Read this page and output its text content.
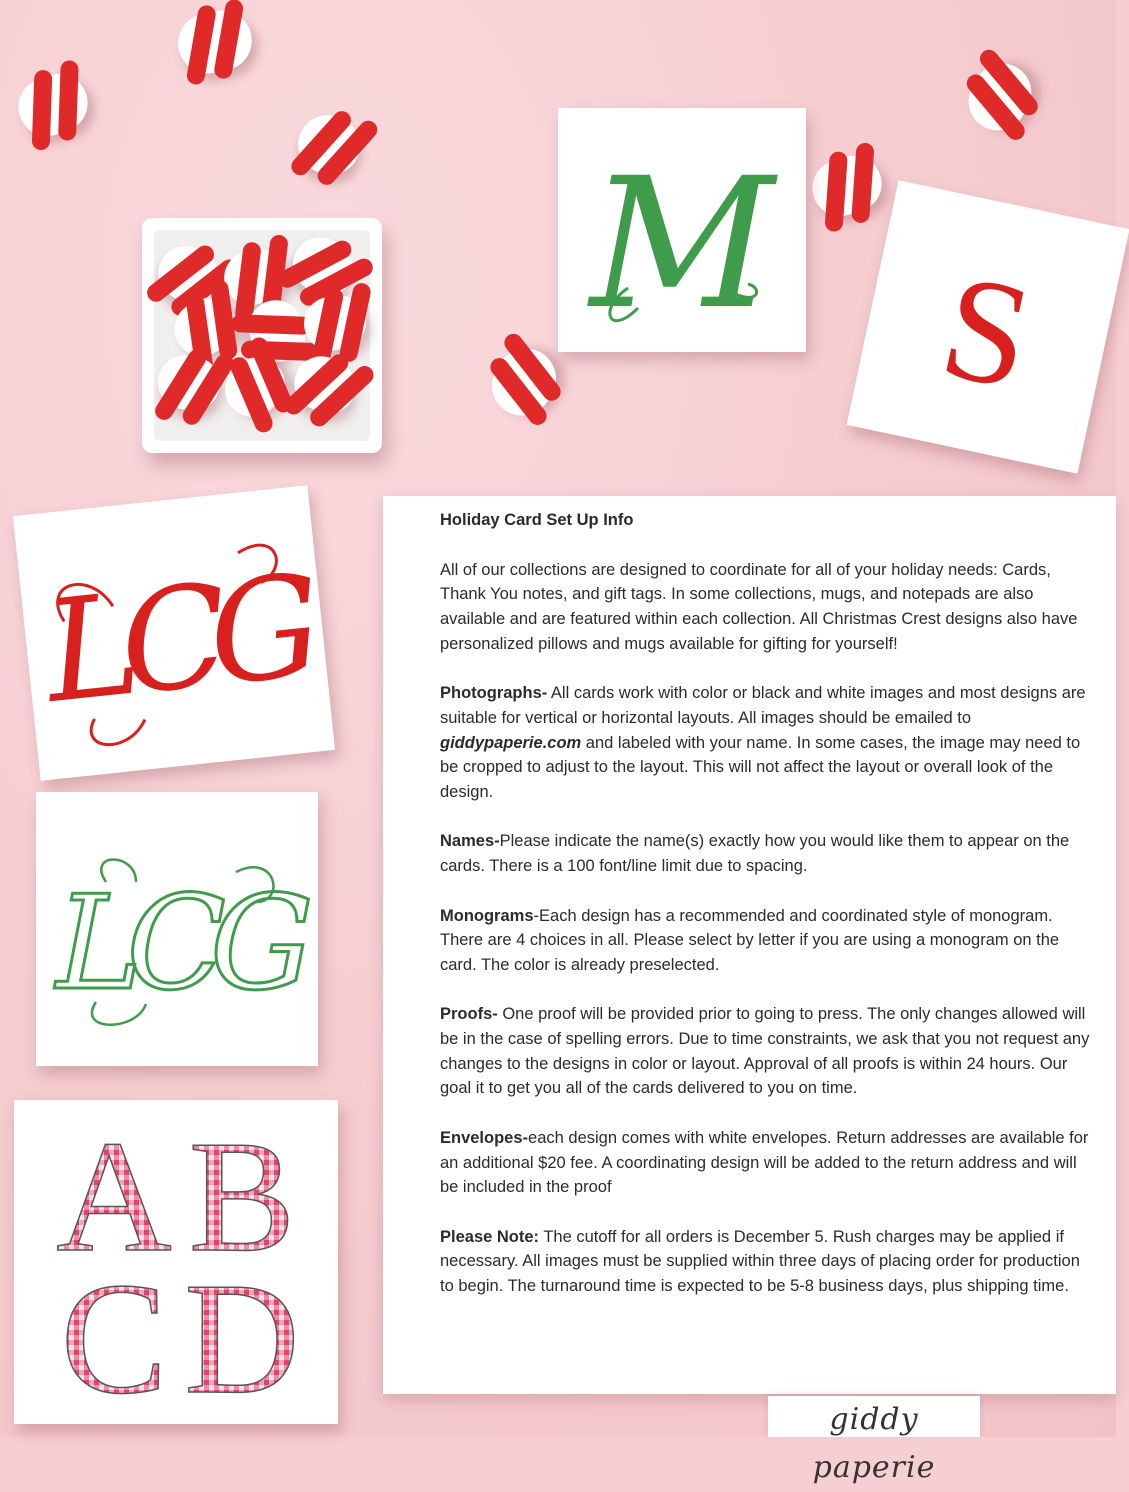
M S
LCG
LCG
A B
C D
Holiday Card Set Up Info

All of our collections are designed to coordinate for all of your holiday needs: Cards, Thank You notes, and gift tags. In some collections, mugs, and notepads are also available and are featured within each collection. All Christmas Crest designs also have personalized pillows and mugs available for gifting for yourself!

Photographs- All cards work with color or black and white images and most designs are suitable for vertical or horizontal layouts. All images should be emailed to giddypaperie.com and labeled with your name. In some cases, the image may need to be cropped to adjust to the layout. This will not affect the layout or overall look of the design.

Names-Please indicate the name(s) exactly how you would like them to appear on the cards. There is a 100 font/line limit due to spacing.

Monograms-Each design has a recommended and coordinated style of monogram. There are 4 choices in all. Please select by letter if you are using a monogram on the card. The color is already preselected.

Proofs- One proof will be provided prior to going to press. The only changes allowed will be in the case of spelling errors. Due to time constraints, we ask that you not request any changes to the designs in color or layout. Approval of all proofs is within 24 hours. Our goal it to get you all of the cards delivered to you on time.

Envelopes-each design comes with white envelopes. Return addresses are available for an additional $20 fee. A coordinating design will be added to the return address and will be included in the proof

Please Note: The cutoff for all orders is December 5. Rush charges may be applied if necessary. All images must be supplied within three days of placing order for production to begin. The turnaround time is expected to be 5-8 business days, plus shipping time.

giddy paperie
